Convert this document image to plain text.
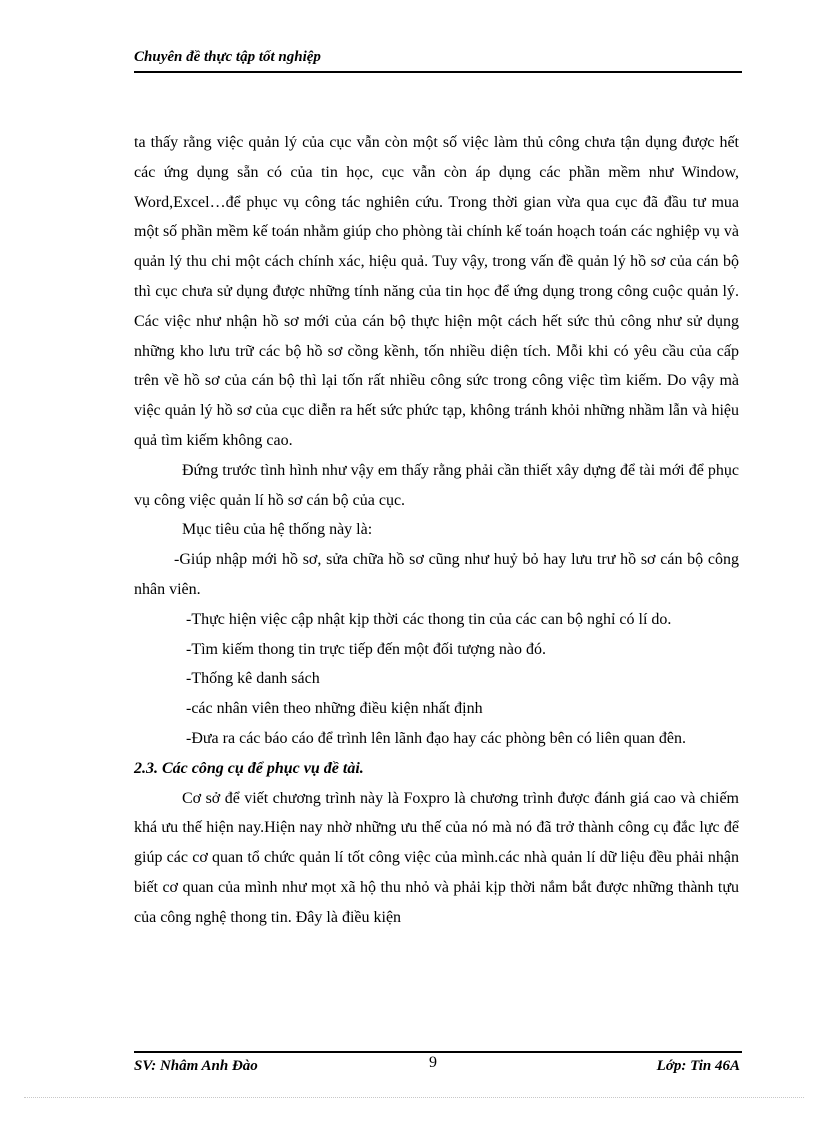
Chuyên đề thực tập tốt nghiệp

ta thấy rằng việc quản lý của cục vẫn còn một số việc làm thủ công chưa tận dụng được hết các ứng dụng sẵn có của tin học, cục vẫn còn áp dụng các phần mềm như Window, Word,Excel…để phục vụ công tác nghiên cứu. Trong thời gian vừa qua cục đã đầu tư mua một số phần mềm kế toán nhằm giúp cho phòng tài chính kế toán hoạch toán các nghiệp vụ và quản lý thu chi một cách chính xác, hiệu quả. Tuy vậy, trong vấn đề quản lý hồ sơ của cán bộ thì cục chưa sử dụng được những tính năng của tin học để ứng dụng trong công cuộc quản lý. Các việc như nhận hồ sơ mới của cán bộ thực hiện một cách hết sức thủ công như sử dụng những kho lưu trữ các bộ hồ sơ cồng kềnh, tốn nhiều diện tích. Mỗi khi có yêu cầu của cấp trên về hồ sơ của cán bộ thì lại tốn rất nhiều công sức trong công việc tìm kiếm. Do vậy mà việc quản lý hồ sơ của cục diễn ra hết sức phức tạp, không tránh khỏi những nhầm lẫn và hiệu quả tìm kiếm không cao.

Đứng trước tình hình như vậy em thấy rằng phải cần thiết xây dựng để tài mới để phục vụ công việc quản lí hồ sơ cán bộ của cục.

Mục tiêu của hệ thống này là:

-Giúp nhập mới hồ sơ, sửa chữa hồ sơ cũng như huỷ bỏ hay lưu trư hồ sơ cán bộ công nhân viên.

-Thực hiện việc cập nhật kịp thời các thong tin của các can bộ nghỉ có lí do.

-Tìm kiếm thong tin trực tiếp đến một đối tượng nào đó.

-Thống kê danh sách

-các nhân viên theo những điều kiện nhất định

-Đưa ra các báo cáo để trình lên lãnh đạo hay các phòng bên có liên quan đên.

2.3. Các công cụ để phục vụ đề tài.

Cơ sở để viết chương trình này là Foxpro là chương trình được đánh giá cao và chiếm khá ưu thế hiện nay.Hiện nay nhờ những ưu thế của nó mà nó đã trở thành công cụ đắc lực để giúp các cơ quan tổ chức quản lí tốt công việc của mình.các nhà quản lí dữ liệu đều phải nhận biết cơ quan của mình như mọt xã hộ thu nhỏ và phải kịp thời nắm bắt được những thành tựu của công nghệ thong tin. Đây là điều kiện

SV: Nhâm Anh Đào	9	Lớp: Tin 46A
